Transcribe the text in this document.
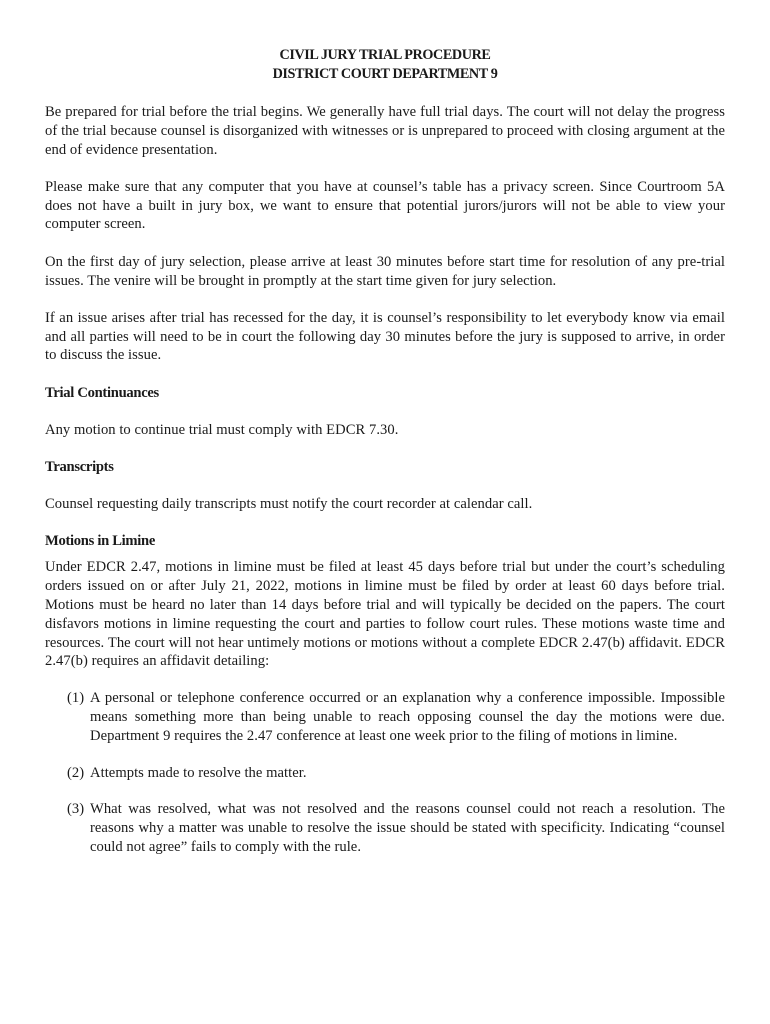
CIVIL JURY TRIAL PROCEDURE
DISTRICT COURT DEPARTMENT 9

Be prepared for trial before the trial begins. We generally have full trial days. The court will not delay the progress of the trial because counsel is disorganized with witnesses or is unprepared to proceed with closing argument at the end of evidence presentation.

Please make sure that any computer that you have at counsel’s table has a privacy screen. Since Courtroom 5A does not have a built in jury box, we want to ensure that potential jurors/jurors will not be able to view your computer screen.

On the first day of jury selection, please arrive at least 30 minutes before start time for resolution of any pre-trial issues. The venire will be brought in promptly at the start time given for jury selection.

If an issue arises after trial has recessed for the day, it is counsel’s responsibility to let everybody know via email and all parties will need to be in court the following day 30 minutes before the jury is supposed to arrive, in order to discuss the issue.

Trial Continuances

Any motion to continue trial must comply with EDCR 7.30.

Transcripts

Counsel requesting daily transcripts must notify the court recorder at calendar call.

Motions in Limine

Under EDCR 2.47, motions in limine must be filed at least 45 days before trial but under the court’s scheduling orders issued on or after July 21, 2022, motions in limine must be filed by order at least 60 days before trial. Motions must be heard no later than 14 days before trial and will typically be decided on the papers. The court disfavors motions in limine requesting the court and parties to follow court rules. These motions waste time and resources. The court will not hear untimely motions or motions without a complete EDCR 2.47(b) affidavit. EDCR 2.47(b) requires an affidavit detailing:

(1) A personal or telephone conference occurred or an explanation why a conference impossible. Impossible means something more than being unable to reach opposing counsel the day the motions were due. Department 9 requires the 2.47 conference at least one week prior to the filing of motions in limine.
(2) Attempts made to resolve the matter.
(3) What was resolved, what was not resolved and the reasons counsel could not reach a resolution. The reasons why a matter was unable to resolve the issue should be stated with specificity. Indicating “counsel could not agree” fails to comply with the rule.
